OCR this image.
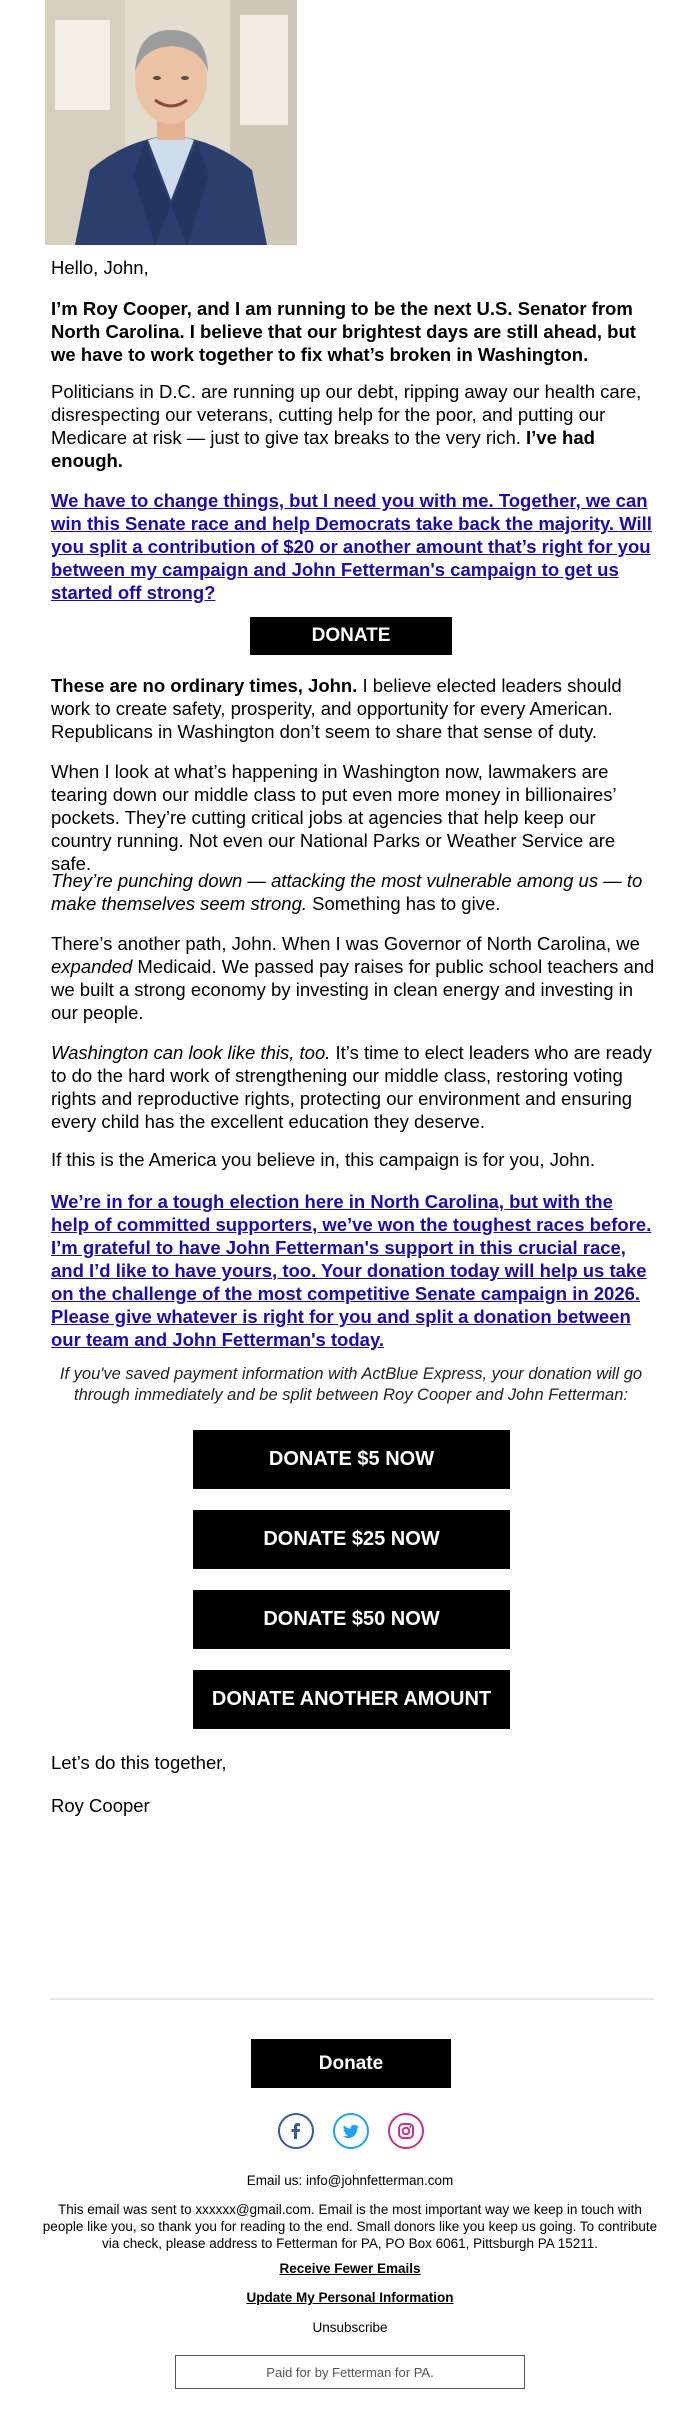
Hello, John,

I’m Roy Cooper, and I am running to be the next U.S. Senator from North Carolina. I believe that our brightest days are still ahead, but we have to work together to fix what’s broken in Washington.

Politicians in D.C. are running up our debt, ripping away our health care, disrespecting our veterans, cutting help for the poor, and putting our Medicare at risk — just to give tax breaks to the very rich. I’ve had enough.

We have to change things, but I need you with me. Together, we can win this Senate race and help Democrats take back the majority. Will you split a contribution of $20 or another amount that’s right for you between my campaign and John Fetterman's campaign to get us started off strong?

DONATE

These are no ordinary times, John. I believe elected leaders should work to create safety, prosperity, and opportunity for every American. Republicans in Washington don’t seem to share that sense of duty.

When I look at what’s happening in Washington now, lawmakers are tearing down our middle class to put even more money in billionaires’ pockets. They’re cutting critical jobs at agencies that help keep our country running. Not even our National Parks or Weather Service are safe.

They’re punching down — attacking the most vulnerable among us — to make themselves seem strong. Something has to give.

There’s another path, John. When I was Governor of North Carolina, we expanded Medicaid. We passed pay raises for public school teachers and we built a strong economy by investing in clean energy and investing in our people.

Washington can look like this, too. It’s time to elect leaders who are ready to do the hard work of strengthening our middle class, restoring voting rights and reproductive rights, protecting our environment and ensuring every child has the excellent education they deserve.

If this is the America you believe in, this campaign is for you, John.

We’re in for a tough election here in North Carolina, but with the help of committed supporters, we’ve won the toughest races before. I’m grateful to have John Fetterman's support in this crucial race, and I’d like to have yours, too. Your donation today will help us take on the challenge of the most competitive Senate campaign in 2026. Please give whatever is right for you and split a donation between our team and John Fetterman's today.

If you've saved payment information with ActBlue Express, your donation will go through immediately and be split between Roy Cooper and John Fetterman:

DONATE $5 NOW
DONATE $25 NOW
DONATE $50 NOW
DONATE ANOTHER AMOUNT

Let’s do this together,

Roy Cooper

Donate

Email us: info@johnfetterman.com

This email was sent to xxxxxx@gmail.com. Email is the most important way we keep in touch with people like you, so thank you for reading to the end. Small donors like you keep us going. To contribute via check, please address to Fetterman for PA, PO Box 6061, Pittsburgh PA 15211.

Receive Fewer Emails
Update My Personal Information
Unsubscribe
Paid for by Fetterman for PA.
